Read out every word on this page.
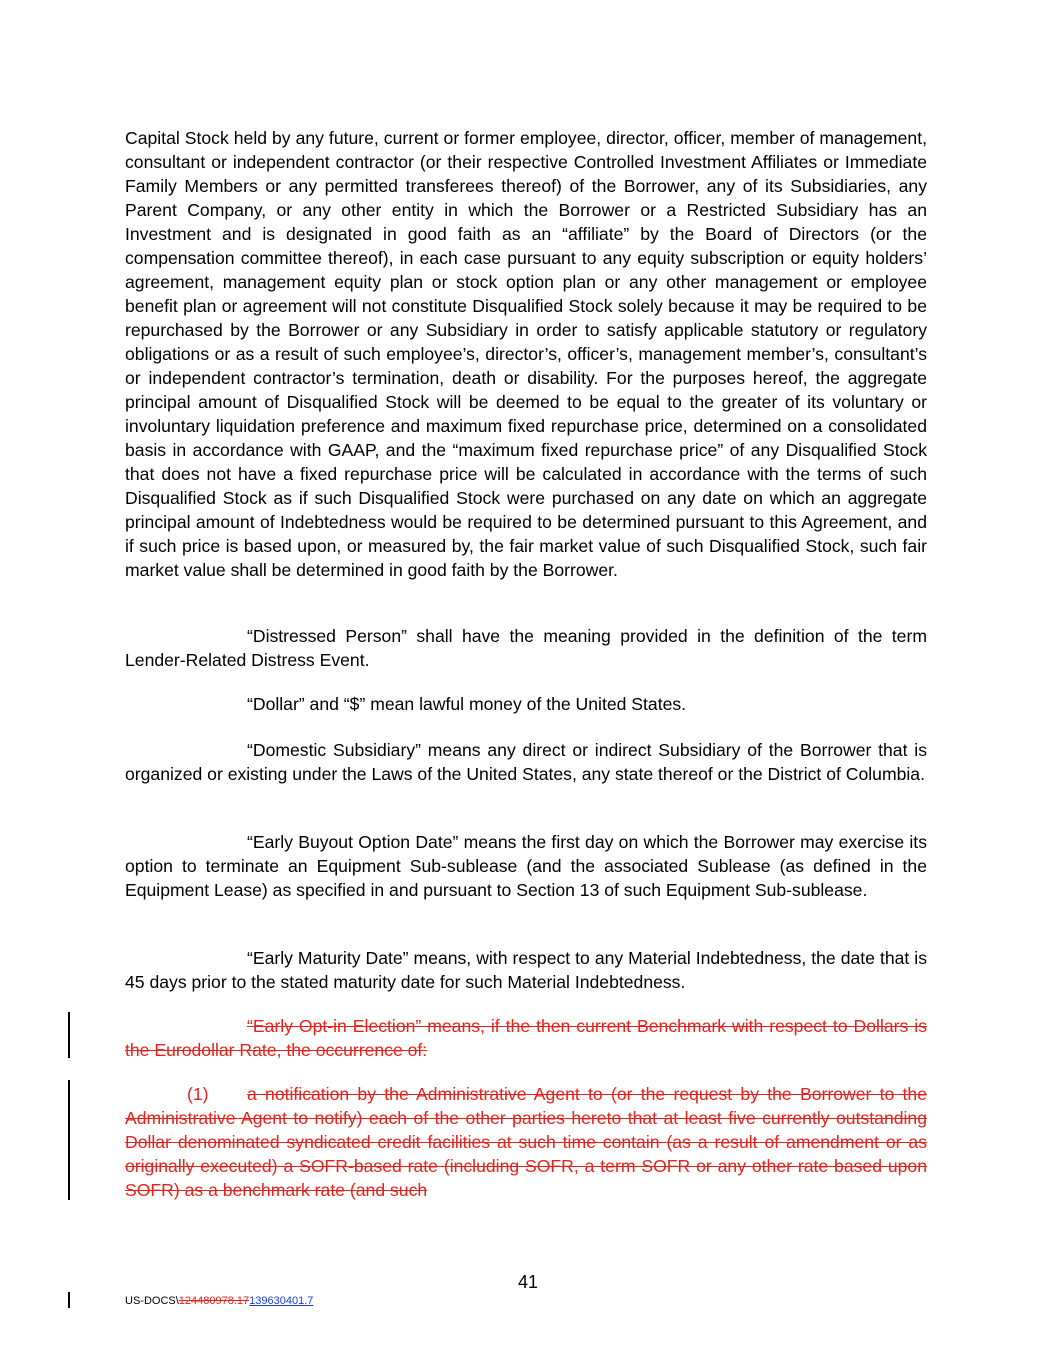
Capital Stock held by any future, current or former employee, director, officer, member of management, consultant or independent contractor (or their respective Controlled Investment Affiliates or Immediate Family Members or any permitted transferees thereof) of the Borrower, any of its Subsidiaries, any Parent Company, or any other entity in which the Borrower or a Restricted Subsidiary has an Investment and is designated in good faith as an “affiliate” by the Board of Directors (or the compensation committee thereof), in each case pursuant to any equity subscription or equity holders’ agreement, management equity plan or stock option plan or any other management or employee benefit plan or agreement will not constitute Disqualified Stock solely because it may be required to be repurchased by the Borrower or any Subsidiary in order to satisfy applicable statutory or regulatory obligations or as a result of such employee’s, director’s, officer’s, management member’s, consultant’s or independent contractor’s termination, death or disability. For the purposes hereof, the aggregate principal amount of Disqualified Stock will be deemed to be equal to the greater of its voluntary or involuntary liquidation preference and maximum fixed repurchase price, determined on a consolidated basis in accordance with GAAP, and the “maximum fixed repurchase price” of any Disqualified Stock that does not have a fixed repurchase price will be calculated in accordance with the terms of such Disqualified Stock as if such Disqualified Stock were purchased on any date on which an aggregate principal amount of Indebtedness would be required to be determined pursuant to this Agreement, and if such price is based upon, or measured by, the fair market value of such Disqualified Stock, such fair market value shall be determined in good faith by the Borrower.

“Distressed Person” shall have the meaning provided in the definition of the term Lender-Related Distress Event.

“Dollar” and “$” mean lawful money of the United States.

“Domestic Subsidiary” means any direct or indirect Subsidiary of the Borrower that is organized or existing under the Laws of the United States, any state thereof or the District of Columbia.

“Early Buyout Option Date” means the first day on which the Borrower may exercise its option to terminate an Equipment Sub-sublease (and the associated Sublease (as defined in the Equipment Lease) as specified in and pursuant to Section 13 of such Equipment Sub-sublease.

“Early Maturity Date” means, with respect to any Material Indebtedness, the date that is 45 days prior to the stated maturity date for such Material Indebtedness.

“Early Opt-in Election” means, if the then current Benchmark with respect to Dollars is the Eurodollar Rate, the occurrence of:

(1) a notification by the Administrative Agent to (or the request by the Borrower to the Administrative Agent to notify) each of the other parties hereto that at least five currently outstanding Dollar denominated syndicated credit facilities at such time contain (as a result of amendment or as originally executed) a SOFR-based rate (including SOFR, a term SOFR or any other rate based upon SOFR) as a benchmark rate (and such

41
US-DOCS\124480978.17139630401.7
